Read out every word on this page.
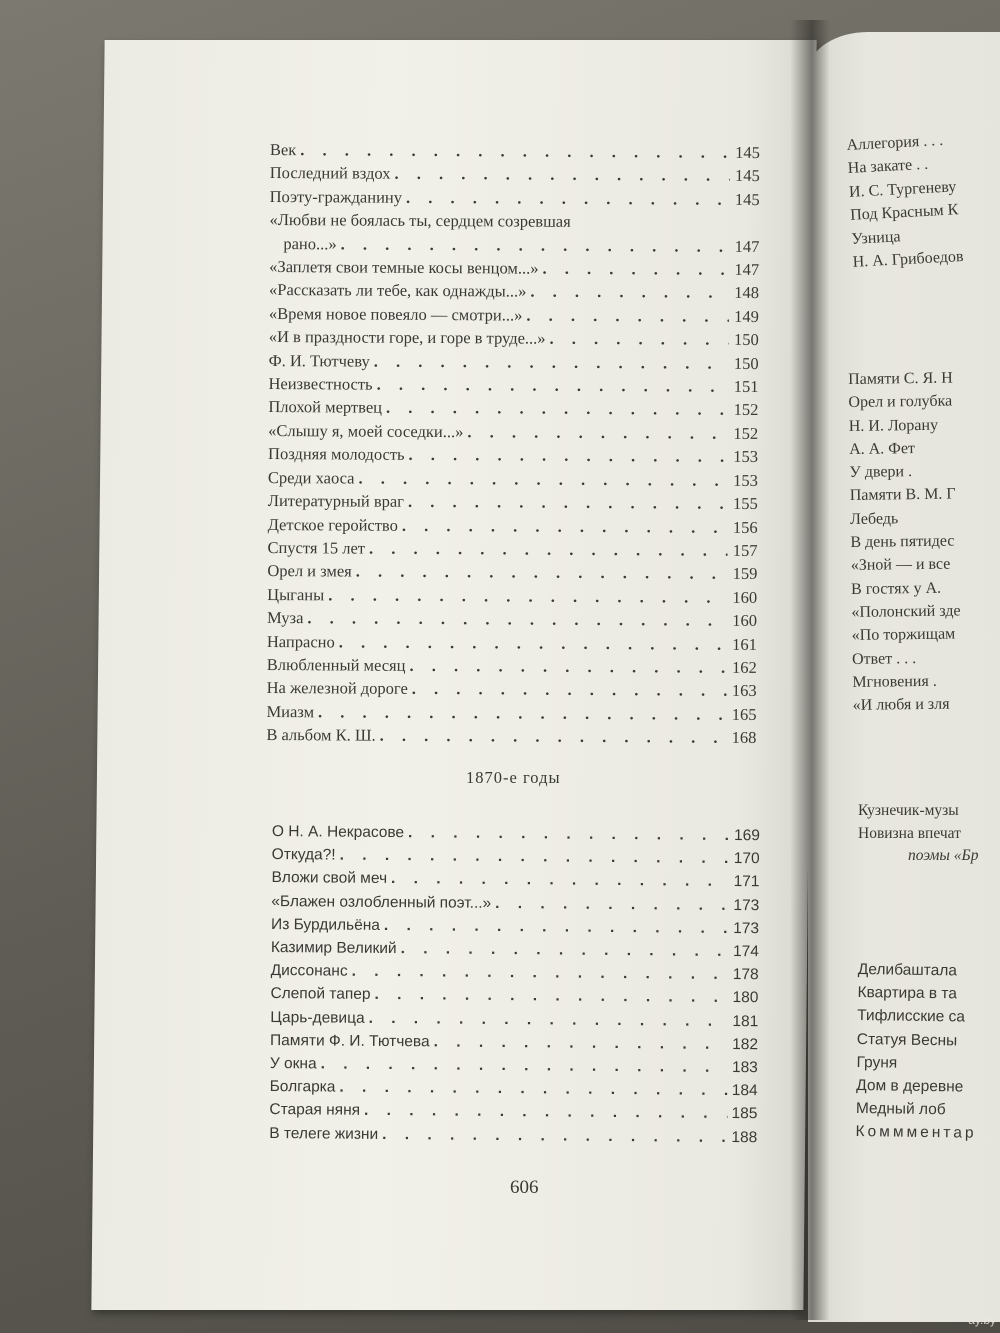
Век . . .	145
Последний вздох . . .	145
Поэту-гражданину . . .	145
«Любви не боялась ты, сердцем созревшая
рано...» . . .	147
«Заплетя свои темные косы венцом...» . . .	147
«Рассказать ли тебе, как однажды...» . . .	148
«Время новое повеяло — смотри...» . . .	149
«И в праздности горе, и горе в труде...» . . .	150
Ф. И. Тютчеву . . .	150
Неизвестность . . .	151
Плохой мертвец . . .	152
«Слышу я, моей соседки...» . . .	152
Поздняя молодость . . .	153
Среди хаоса . . .	153
Литературный враг . . .	155
Детское геройство . . .	156
Спустя 15 лет . . .	157
Орел и змея . . .	159
Цыганы . . .	160
Муза . . .	160
Напрасно . . .	161
Влюбленный месяц . . .	162
На железной дороге . . .	163
Миазм . . .	165
В альбом К. Ш. . . .	168
1870-е годы
О Н. А. Некрасове . . .	169
Откуда?! . . .	170
Вложи свой меч . . .	171
«Блажен озлобленный поэт...» . . .	173
Из Бурдильёна . . .	173
Казимир Великий . . .	174
Диссонанс . . .	178
Слепой тапер . . .	180
Царь-девица . . .	181
Памяти Ф. И. Тютчева . . .	182
У окна . . .	183
Болгарка . . .	184
Старая няня . . .	185
В телеге жизни . . .	188
606
Аллегория . . .
На закате . .
И. С. Тургеневу
Под Красным К
Узница
Н. А. Грибоедов
Памяти С. Я. Н
Орел и голубка
Н. И. Лорану
А. А. Фет
У двери .
Памяти В. М. Г
Лебедь
В день пятидес
«Зной — и все
В гостях у А.
«Полонский зде
«По торжищам
Ответ . . .
Мгновения .
«И любя и зля
Кузнечик-музы
Новизна впечат
поэмы «Бр
Делибаштала
Квартира в та
Тифлисские са
Статуя Весны
Груня
Дом в деревне
Медный лоб
Коммментар
ay.by
